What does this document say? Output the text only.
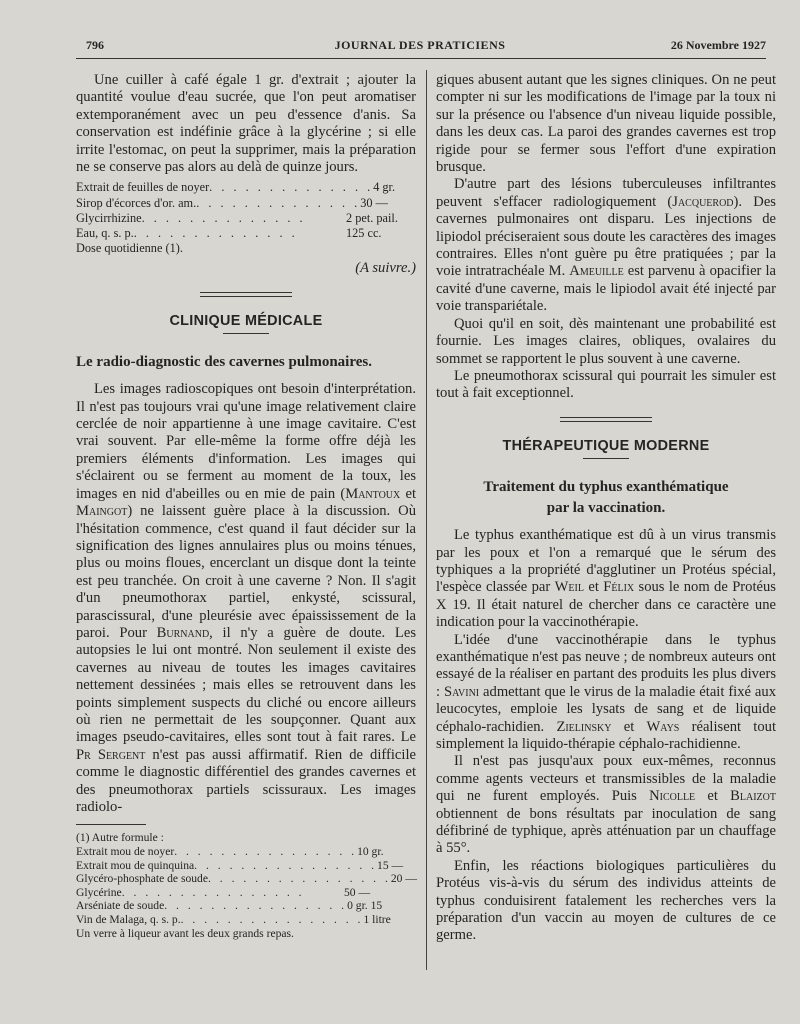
796	JOURNAL DES PRATICIENS	26 Novembre 1927

Une cuiller à café égale 1 gr. d'extrait ; ajouter la quantité voulue d'eau sucrée, que l'on peut aromatiser extemporanément avec un peu d'essence d'anis. Sa conservation est indéfinie grâce à la glycérine ; si elle irrite l'estomac, on peut la supprimer, mais la préparation ne se conserve pas alors au delà de quinze jours.

Extrait de feuilles de noyer . . . . . . . . . . . . . . 4 gr.
Sirop d'écorces d'or. am. . . . . . . . . . . . . . . 30 —
Glycirrhizine . . . . . . . . . . . . . .	2 pet. pail.
Eau, q. s. p. . . . . . . . . . . . . . .	125 cc.
Dose quotidienne (1).
(A suivre.)
CLINIQUE MÉDICALE
Le radio-diagnostic des cavernes pulmonaires.

Les images radioscopiques ont besoin d'interprétation. Il n'est pas toujours vrai qu'une image relativement claire cerclée de noir appartienne à une image cavitaire. C'est vrai souvent. Par elle-même la forme offre déjà les premiers éléments d'information. Les images qui s'éclairent ou se ferment au moment de la toux, les images en nid d'abeilles ou en mie de pain (Mantoux et Maingot) ne laissent guère place à la discussion. Où l'hésitation commence, c'est quand il faut décider sur la signification des lignes annulaires plus ou moins ténues, plus ou moins floues, encerclant un disque dont la teinte est peu tranchée. On croit à une caverne ? Non. Il s'agit d'un pneumothorax partiel, enkysté, scissural, parascissural, d'une pleurésie avec épaississement de la paroi. Pour Burnand, il n'y a guère de doute. Les autopsies le lui ont montré. Non seulement il existe des cavernes au niveau de toutes les images cavitaires nettement dessinées ; mais elles se retrouvent dans les points simplement suspects du cliché ou encore ailleurs où rien ne permettait de les soupçonner. Quant aux images pseudo-cavitaires, elles sont tout à fait rares. Le Pr Sergent n'est pas aussi affirmatif. Rien de difficile comme le diagnostic différentiel des grandes cavernes et des pneumothorax partiels scissuraux. Les images radiolo-

(1) Autre formule :
Extrait mou de noyer . . . . . . . . . . . . . . . . 10 gr.
Extrait mou de quinquina . . . . . . . . . . . . . . . . 15 —
Glycéro-phosphate de soude . . . . . . . . . . . . . . . . 20 —
Glycérine . . . . . . . . . . . . . . . .	50 —
Arséniate de soude . . . . . . . . . . . . . . . . 0 gr. 15
Vin de Malaga, q. s. p. . . . . . . . . . . . . . . . . 1 litre
Un verre à liqueur avant les deux grands repas.

giques abusent autant que les signes cliniques. On ne peut compter ni sur les modifications de l'image par la toux ni sur la présence ou l'absence d'un niveau liquide possible, dans les deux cas. La paroi des grandes cavernes est trop rigide pour se fermer sous l'effort d'une expiration brusque.

D'autre part des lésions tuberculeuses infiltrantes peuvent s'effacer radiologiquement (Jacquerod). Des cavernes pulmonaires ont disparu. Les injections de lipiodol préciseraient sous doute les caractères des images contraires. Elles n'ont guère pu être pratiquées ; par la voie intratrachéale M. Ameuille est parvenu à opacifier la cavité d'une caverne, mais le lipiodol avait été injecté par voie transpariétale.

Quoi qu'il en soit, dès maintenant une probabilité est fournie. Les images claires, obliques, ovalaires du sommet se rapportent le plus souvent à une caverne.

Le pneumothorax scissural qui pourrait les simuler est tout à fait exceptionnel.

THÉRAPEUTIQUE MODERNE
Traitement du typhus exanthématique
par la vaccination.

Le typhus exanthématique est dû à un virus transmis par les poux et l'on a remarqué que le sérum des typhiques a la propriété d'agglutiner un Protéus spécial, l'espèce classée par Weil et Félix sous le nom de Protéus X 19. Il était naturel de chercher dans ce caractère une indication pour la vaccinothérapie.

L'idée d'une vaccinothérapie dans le typhus exanthématique n'est pas neuve ; de nombreux auteurs ont essayé de la réaliser en partant des produits les plus divers : Savini admettant que le virus de la maladie était fixé aux leucocytes, emploie les lysats de sang et de liquide céphalo-rachidien. Zielinsky et Ways réalisent tout simplement la liquido-thérapie céphalo-rachidienne.

Il n'est pas jusqu'aux poux eux-mêmes, reconnus comme agents vecteurs et transmissibles de la maladie qui ne furent employés. Puis Nicolle et Blaizot obtiennent de bons résultats par inoculation de sang défibriné de typhique, après atténuation par un chauffage à 55°.

Enfin, les réactions biologiques particulières du Protéus vis-à-vis du sérum des individus atteints de typhus conduisirent fatalement les recherches vers la préparation d'un vaccin au moyen de cultures de ce germe.
